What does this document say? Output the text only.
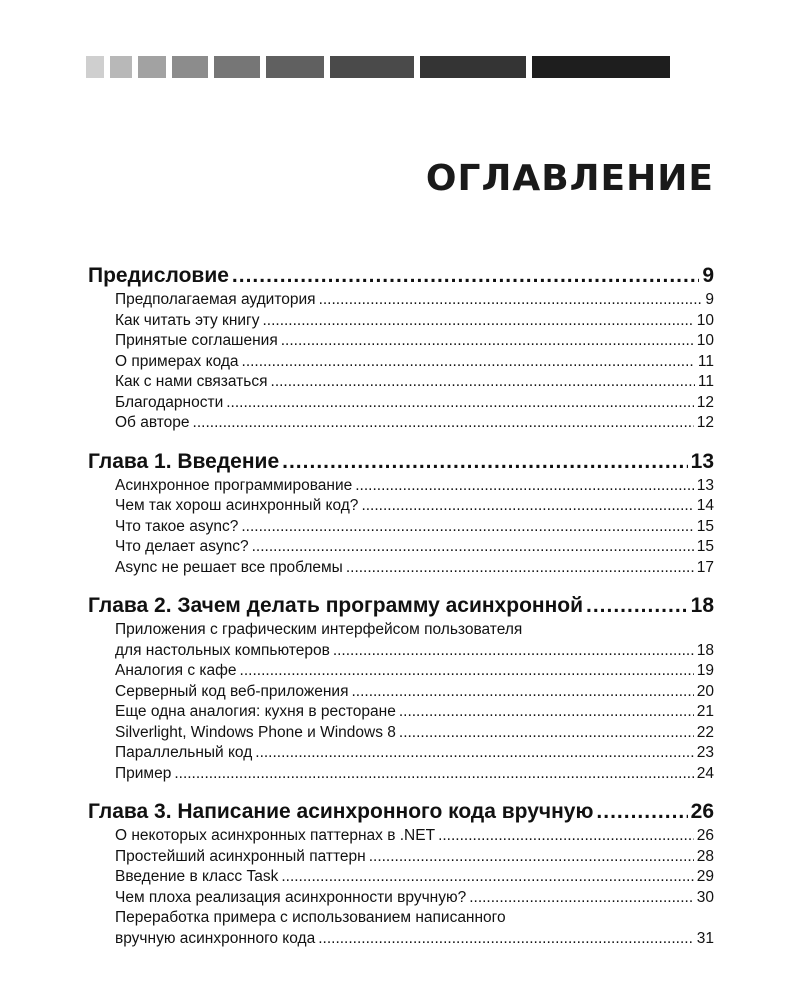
ОГЛАВЛЕНИЕ
Предисловие .....	9
Предполагаемая аудитория .....	9
Как читать эту книгу .....	10
Принятые соглашения .....	10
О примерах кода .....	11
Как с нами связаться .....	11
Благодарности .....	12
Об авторе .....	12
Глава 1. Введение .....	13
Асинхронное программирование .....	13
Чем так хорош асинхронный код? .....	14
Что такое async? .....	15
Что делает async? .....	15
Async не решает все проблемы .....	17
Глава 2. Зачем делать программу асинхронной .....	18
Приложения с графическим интерфейсом пользователя
для настольных компьютеров .....	18
Аналогия с кафе .....	19
Серверный код веб-приложения .....	20
Еще одна аналогия: кухня в ресторане .....	21
Silverlight, Windows Phone и Windows 8 .....	22
Параллельный код .....	23
Пример .....	24
Глава 3. Написание асинхронного кода вручную .....	26
О некоторых асинхронных паттернах в .NET .....	26
Простейший асинхронный паттерн .....	28
Введение в класс Task .....	29
Чем плоха реализация асинхронности вручную? .....	30
Переработка примера с использованием написанного
вручную асинхронного кода .....	31
